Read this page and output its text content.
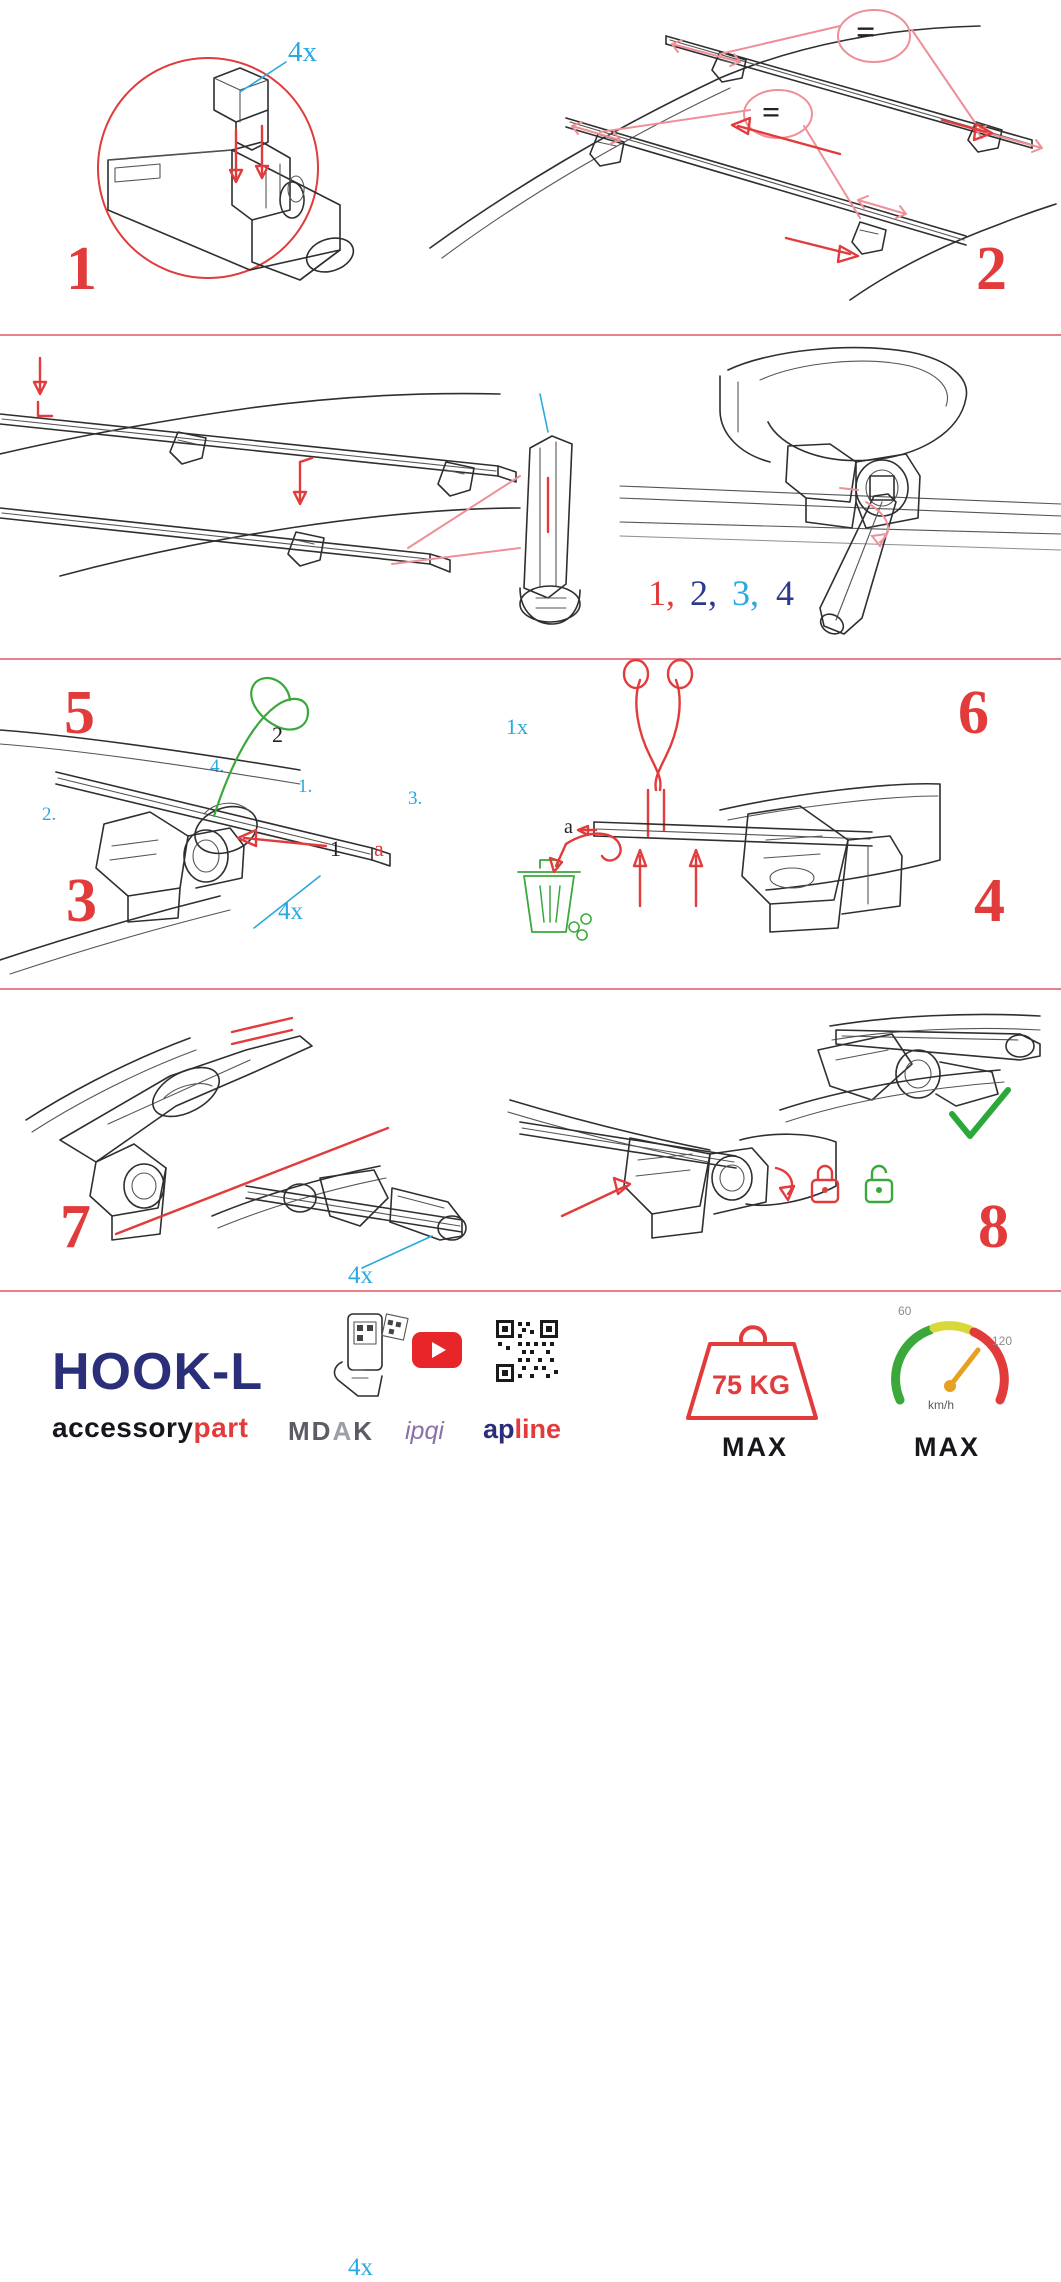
4x
1
=
=
2
1.
2.
3.
4.
1x
3
1, 2, 3, 4
4
5	2
1 a
4x
a
6
7
4x
4x
8
HOOK-L
accessorypart MDAK ipqi apline
75 KG
MAX
60
120
km/h
MAX
